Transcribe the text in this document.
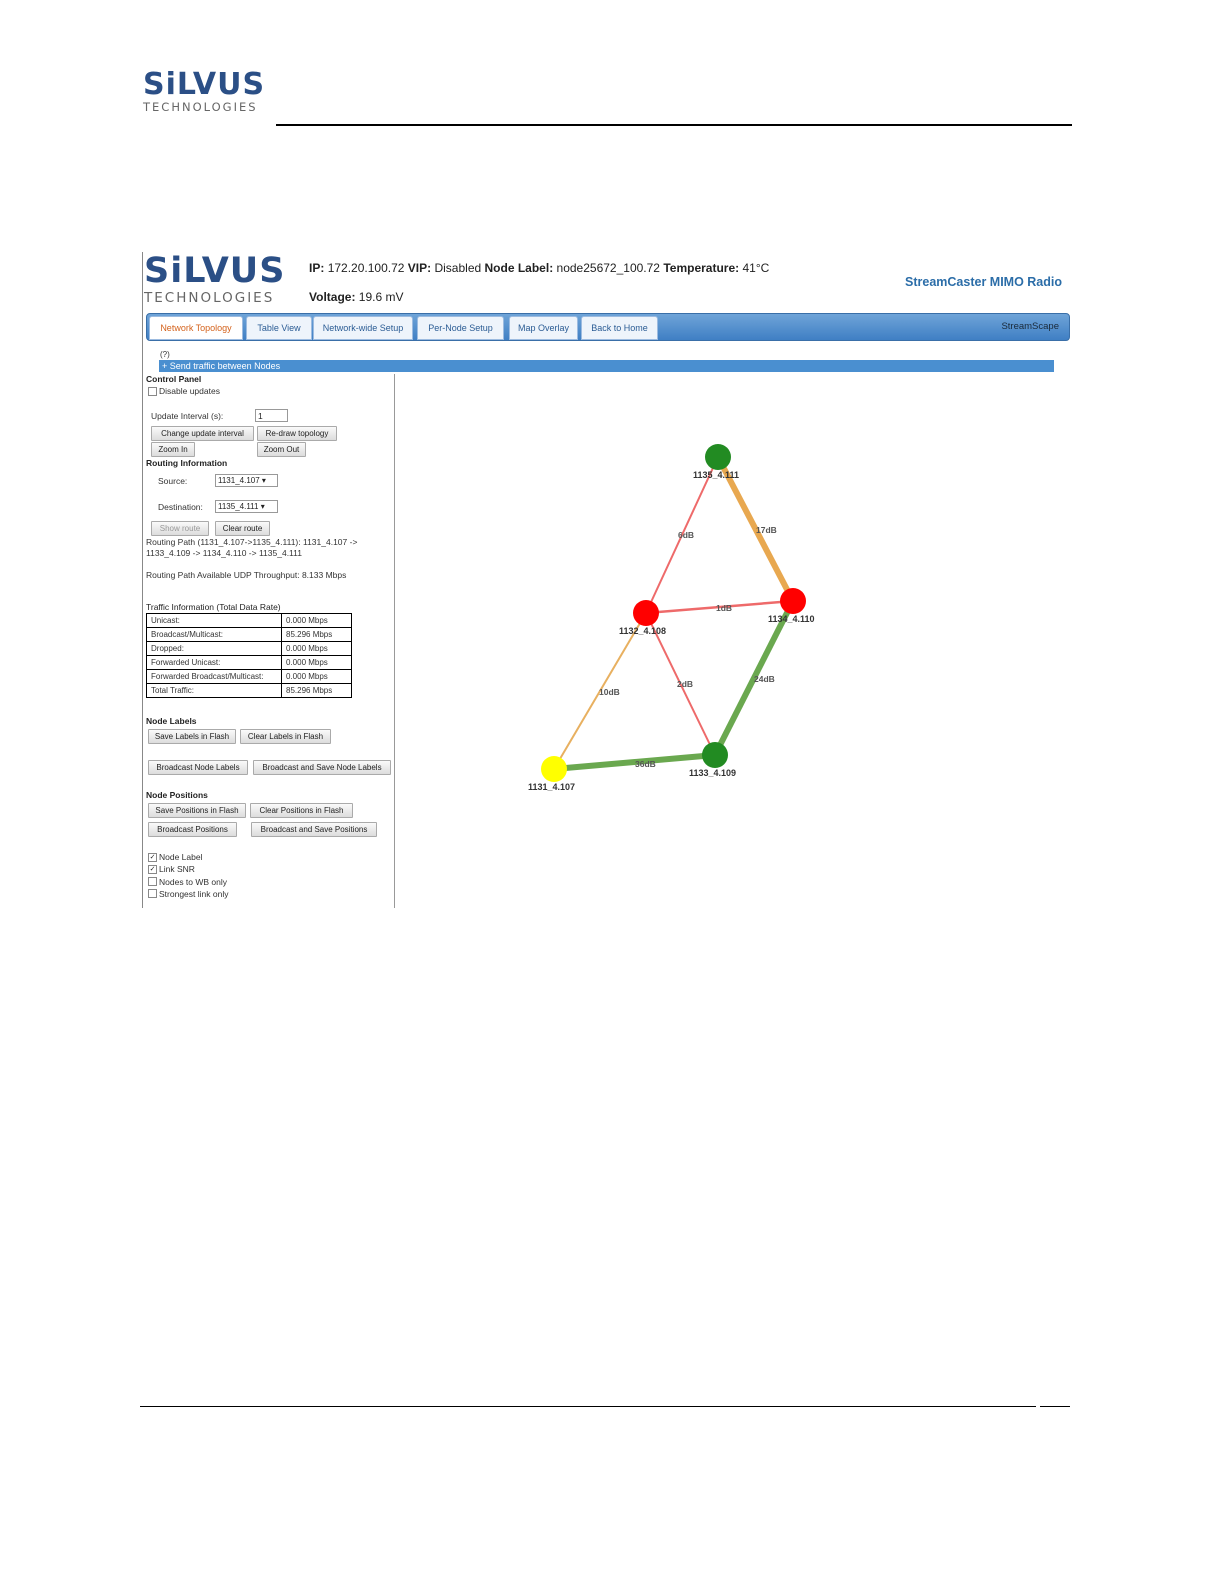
SiLVUS
TECHNOLOGIES
SiLVUS
TECHNOLOGIES
IP: 172.20.100.72 VIP: Disabled Node Label: node25672_100.72 Temperature: 41°C
Voltage: 19.6 mV
StreamCaster MIMO Radio
Network Topology	Table View	Network-wide Setup	Per-Node Setup	Map Overlay	Back to Home	StreamScape
(?)
+ Send traffic between Nodes
Control Panel
Disable updates
Update Interval (s):	1
Change update interval	Re-draw topology
Zoom In	Zoom Out
Routing Information
Source:	1131_4.107 ▾
Destination:	1135_4.111 ▾
Show route	Clear route
Routing Path (1131_4.107->1135_4.111): 1131_4.107 ->
1133_4.109 -> 1134_4.110 -> 1135_4.111
Routing Path Available UDP Throughput: 8.133 Mbps
Traffic Information (Total Data Rate)
Unicast:	0.000 Mbps
Broadcast/Multicast:	85.296 Mbps
Dropped:	0.000 Mbps
Forwarded Unicast:	0.000 Mbps
Forwarded Broadcast/Multicast:	0.000 Mbps
Total Traffic:	85.296 Mbps
Node Labels
Save Labels in Flash	Clear Labels in Flash
Broadcast Node Labels	Broadcast and Save Node Labels
Node Positions
Save Positions in Flash	Clear Positions in Flash
Broadcast Positions	Broadcast and Save Positions
✓ Node Label
✓ Link SNR
Nodes to WB only
Strongest link only
6dB	17dB
1dB
10dB
2dB	24dB
36dB
1135_4.111
1132_4.108
1134_4.110
1133_4.109
1131_4.107
